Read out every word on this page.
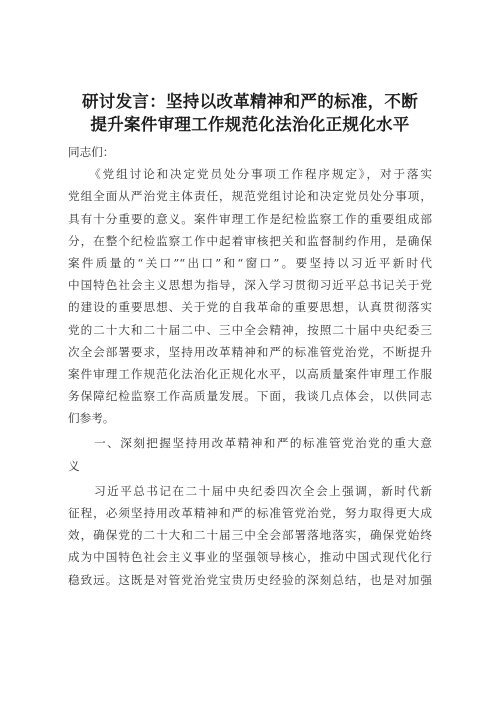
研讨发言：坚持以改革精神和严的标准，不断
提升案件审理工作规范化法治化正规化水平
同志们：
　　《党组讨论和决定党员处分事项工作程序规定》，对于落实
党组全面从严治党主体责任，规范党组讨论和决定党员处分事项，
具有十分重要的意义。案件审理工作是纪检监察工作的重要组成部
分，在整个纪检监察工作中起着审核把关和监督制约作用，是确保
案件质量的“关口”“出口”和“窗口”。要坚持以习近平新时代
中国特色社会主义思想为指导，深入学习贯彻习近平总书记关于党
的建设的重要思想、关于党的自我革命的重要思想，认真贯彻落实
党的二十大和二十届二中、三中全会精神，按照二十届中央纪委三
次全会部署要求，坚持用改革精神和严的标准管党治党，不断提升
案件审理工作规范化法治化正规化水平，以高质量案件审理工作服
务保障纪检监察工作高质量发展。下面，我谈几点体会，以供同志
们参考。
　　一、深刻把握坚持用改革精神和严的标准管党治党的重大意
义
　　习近平总书记在二十届中央纪委四次全会上强调，新时代新
征程，必须坚持用改革精神和严的标准管党治党，努力取得更大成
效，确保党的二十大和二十届三中全会部署落地落实，确保党始终
成为中国特色社会主义事业的坚强领导核心，推动中国式现代化行
稳致远。这既是对管党治党宝贵历史经验的深刻总结，也是对加强
